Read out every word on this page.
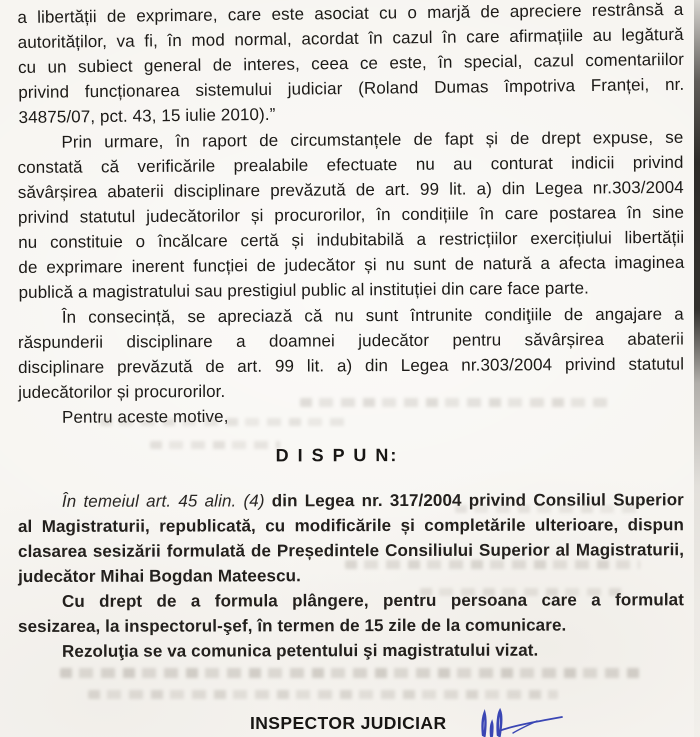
a libertății de exprimare, care este asociat cu o marjă de apreciere restrânsă a
autorităților, va fi, în mod normal, acordat în cazul în care afirmațiile au legătură
cu un subiect general de interes, ceea ce este, în special, cazul comentariilor
privind funcționarea sistemului judiciar (Roland Dumas împotriva Franței, nr.
34875/07, pct. 43, 15 iulie 2010).”
Prin urmare, în raport de circumstanțele de fapt și de drept expuse, se
constată că verificările prealabile efectuate nu au conturat indicii privind
săvârșirea abaterii disciplinare prevăzută de art. 99 lit. a) din Legea nr.303/2004
privind statutul judecătorilor și procurorilor, în condițiile în care postarea în sine
nu constituie o încălcare certă și indubitabilă a restricțiilor exercițiului libertății
de exprimare inerent funcției de judecător și nu sunt de natură a afecta imaginea
publică a magistratului sau prestigiul public al instituției din care face parte.
În consecință, se apreciază că nu sunt întrunite condiţiile de angajare a
răspunderii disciplinare a doamnei judecător pentru săvârșirea abaterii
disciplinare prevăzută de art. 99 lit. a) din Legea nr.303/2004 privind statutul
judecătorilor și procurorilor.
Pentru aceste motive,
D I S P U N:
În temeiul art. 45 alin. (4) din Legea nr. 317/2004 privind Consiliul Superior
al Magistraturii, republicată, cu modificările și completările ulterioare, dispun
clasarea sesizării formulată de Președintele Consiliului Superior al Magistraturii,
judecător Mihai Bogdan Mateescu.
Cu drept de a formula plângere, pentru persoana care a formulat
sesizarea, la inspectorul-şef, în termen de 15 zile de la comunicare.
Rezoluţia se va comunica petentului şi magistratului vizat.
INSPECTOR JUDICIAR
